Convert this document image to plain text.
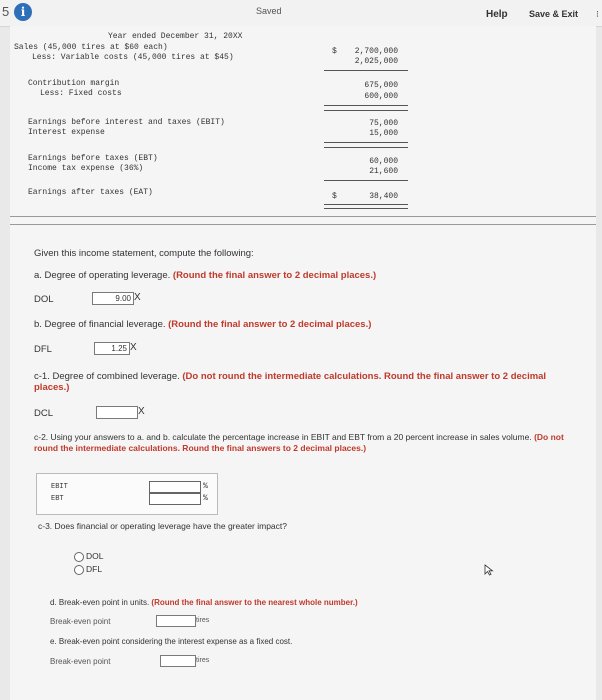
5 i	Saved	Help Save & Exit ⁝
Year ended December 31, 20XX
Sales (45,000 tires at $60 each)	$	2,700,000
Less: Variable costs (45,000 tires at $45)	2,025,000
Contribution margin	675,000
Less: Fixed costs	600,000
Earnings before interest and taxes (EBIT)	75,000
Interest expense	15,000
Earnings before taxes (EBT)	60,000
Income tax expense (36%)	21,600
Earnings after taxes (EAT)	$	38,400
Given this income statement, compute the following:
a. Degree of operating leverage. (Round the final answer to 2 decimal places.)
DOL	9.00 X
b. Degree of financial leverage. (Round the final answer to 2 decimal places.)
DFL	1.25 X
c-1. Degree of combined leverage. (Do not round the intermediate calculations. Round the final answer to 2 decimal places.)
DCL	X
c-2. Using your answers to a. and b. calculate the percentage increase in EBIT and EBT from a 20 percent increase in sales volume. (Do not round the intermediate calculations. Round the final answers to 2 decimal places.)
EBIT	%
EBT	%
c-3. Does financial or operating leverage have the greater impact?
DOL
DFL
d. Break-even point in units. (Round the final answer to the nearest whole number.)
Break-even point	tires
e. Break-even point considering the interest expense as a fixed cost.
Break-even point	tires
